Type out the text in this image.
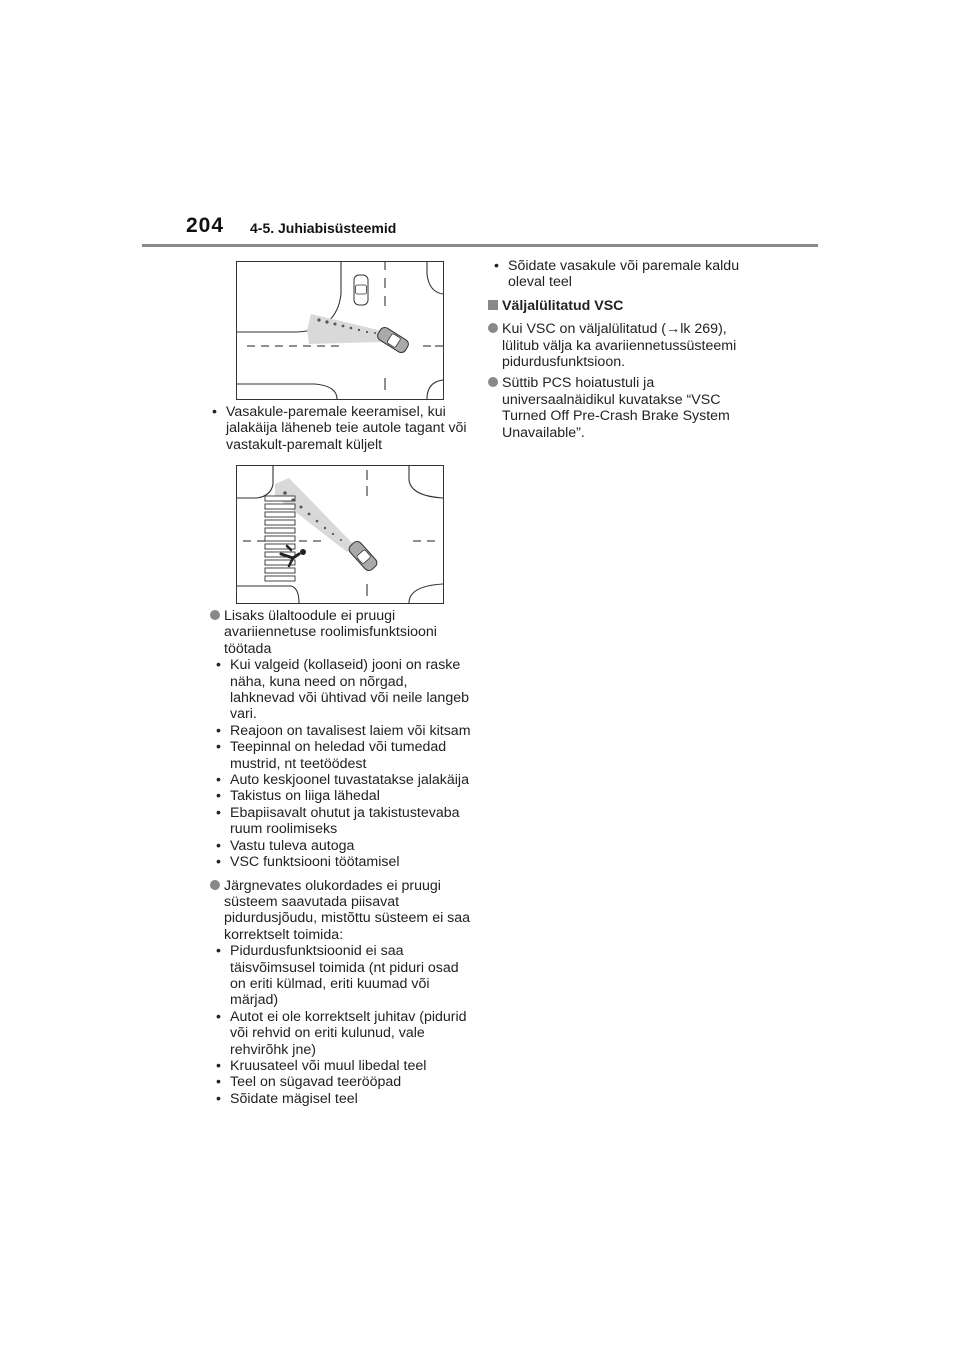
204 4-5. Juhiabisüsteemid

• Vasakule-paremale keeramisel, kui jalakäija läheneb teie autole tagant või vastakult-paremalt küljelt

Lisaks ülaltoodule ei pruugi avariiennetuse roolimisfunktsiooni töötada

• Kui valgeid (kollaseid) jooni on raske näha, kuna need on nõrgad, lahknevad või ühtivad või neile langeb vari.

• Reajoon on tavalisest laiem või kitsam

• Teepinnal on heledad või tumedad mustrid, nt teetöödest

• Auto keskjoonel tuvastatakse jalakäija

• Takistus on liiga lähedal

• Ebapiisavalt ohutut ja takistustevaba ruum roolimiseks

• Vastu tuleva autoga

• VSC funktsiooni töötamisel

Järgnevates olukordades ei pruugi süsteem saavutada piisavat pidurdusjõudu, mistõttu süsteem ei saa korrektselt toimida:

• Pidurdusfunktsioonid ei saa täisvõimsusel toimida (nt piduri osad on eriti külmad, eriti kuumad või märjad)

• Autot ei ole korrektselt juhitav (pidurid või rehvid on eriti kulunud, vale rehvirõhk jne)

• Kruusateel või muul libedal teel

• Teel on sügavad teerööpad

• Sõidate mägisel teel

• Sõidate vasakule või paremale kaldu oleval teel

Väljalülitatud VSC

Kui VSC on väljalülitatud (→lk 269), lülitub välja ka avariiennetussüsteemi pidurdusfunktsioon.

Süttib PCS hoiatustuli ja universaalnäidikul kuvatakse “VSC Turned Off Pre-Crash Brake System Unavailable”.
